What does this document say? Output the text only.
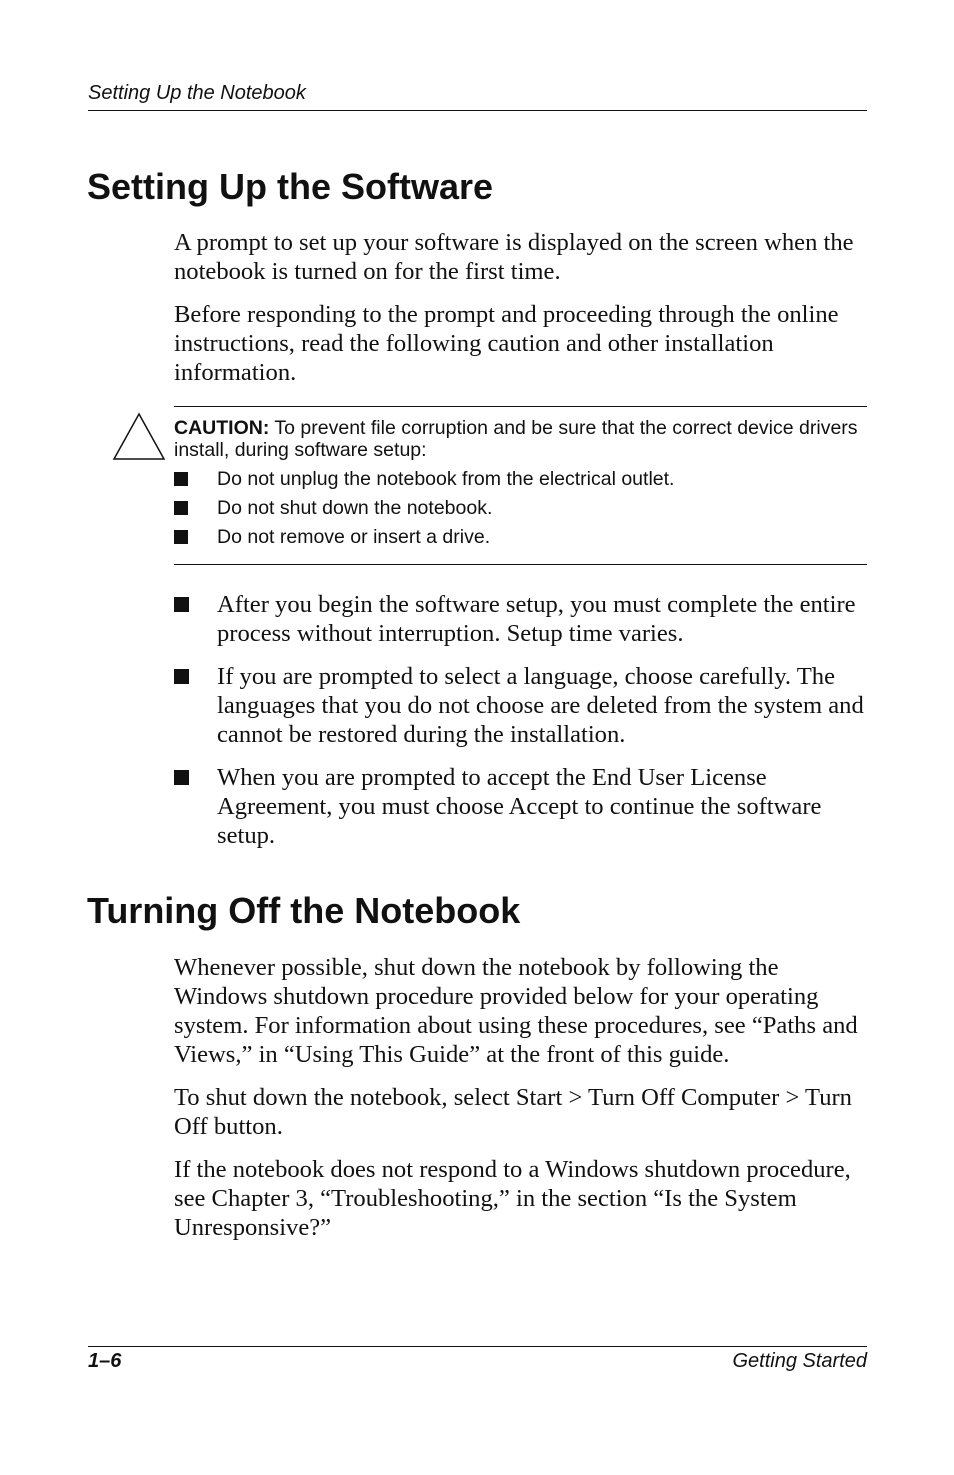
Setting Up the Notebook
Setting Up the Software

A prompt to set up your software is displayed on the screen when the notebook is turned on for the first time.

Before responding to the prompt and proceeding through the online instructions, read the following caution and other installation information.

CAUTION: To prevent file corruption and be sure that the correct device drivers install, during software setup:

Do not unplug the notebook from the electrical outlet.
Do not shut down the notebook.
Do not remove or insert a drive.
After you begin the software setup, you must complete the entire process without interruption. Setup time varies.
If you are prompted to select a language, choose carefully. The languages that you do not choose are deleted from the system and cannot be restored during the installation.
When you are prompted to accept the End User License Agreement, you must choose Accept to continue the software setup.
Turning Off the Notebook

Whenever possible, shut down the notebook by following the Windows shutdown procedure provided below for your operating system. For information about using these procedures, see “Paths and Views,” in “Using This Guide” at the front of this guide.

To shut down the notebook, select Start > Turn Off Computer > Turn Off button.

If the notebook does not respond to a Windows shutdown procedure, see Chapter 3, “Troubleshooting,” in the section “Is the System Unresponsive?”

1–6	Getting Started
